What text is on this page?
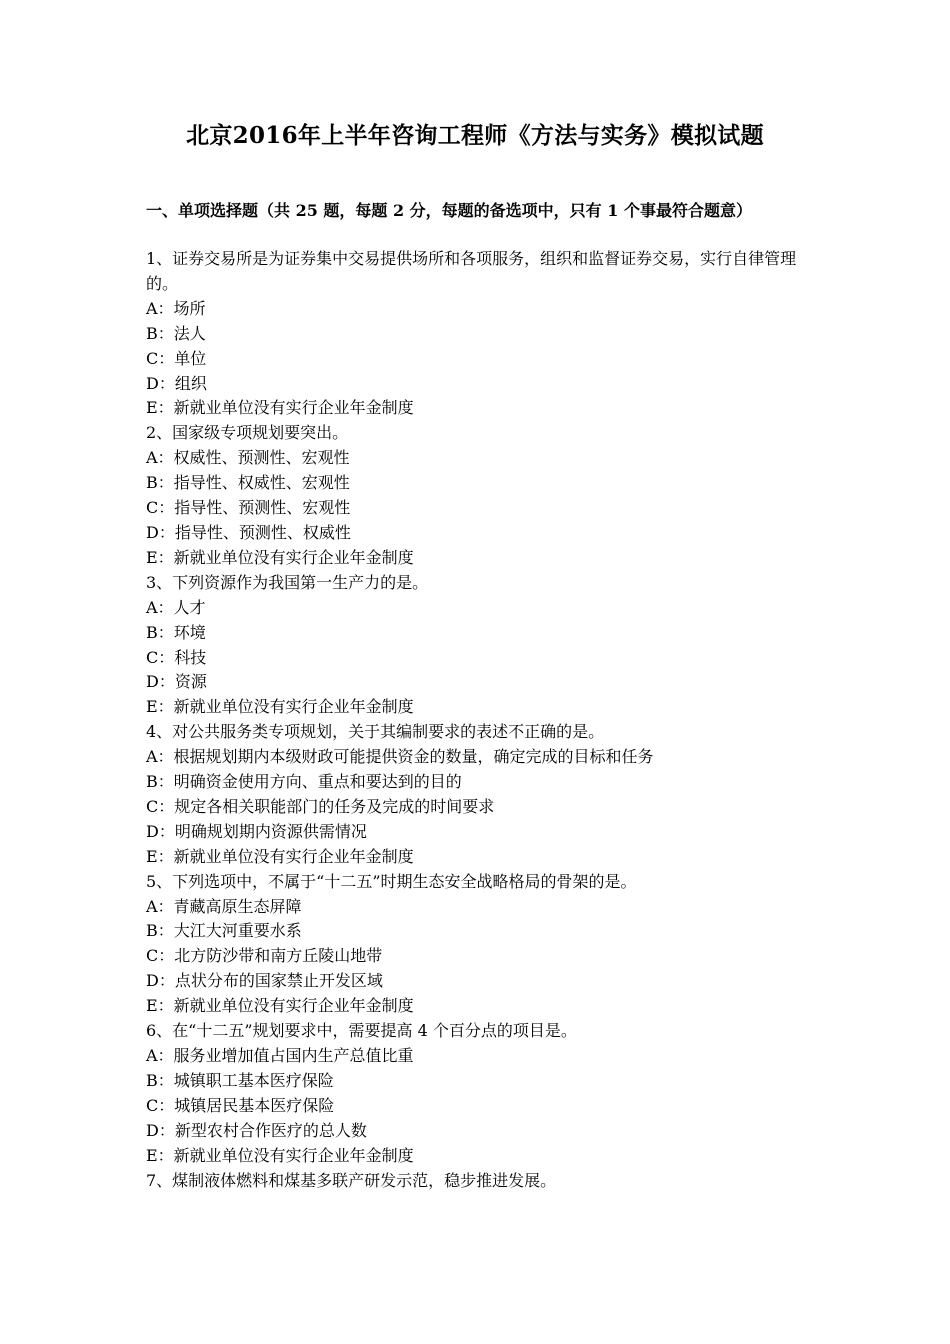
北京2016年上半年咨询工程师《方法与实务》模拟试题
一、单项选择题（共 25 题，每题 2 分，每题的备选项中，只有 1 个事最符合题意）

1、证券交易所是为证券集中交易提供场所和各项服务，组织和监督证券交易，实行自律管理的。

A：场所

B：法人

C：单位

D：组织

E：新就业单位没有实行企业年金制度

2、国家级专项规划要突出。

A：权威性、预测性、宏观性

B：指导性、权威性、宏观性

C：指导性、预测性、宏观性

D：指导性、预测性、权威性

E：新就业单位没有实行企业年金制度

3、下列资源作为我国第一生产力的是。

A：人才

B：环境

C：科技

D：资源

E：新就业单位没有实行企业年金制度

4、对公共服务类专项规划，关于其编制要求的表述不正确的是。

A：根据规划期内本级财政可能提供资金的数量，确定完成的目标和任务

B：明确资金使用方向、重点和要达到的目的

C：规定各相关职能部门的任务及完成的时间要求

D：明确规划期内资源供需情况

E：新就业单位没有实行企业年金制度

5、下列选项中，不属于“十二五”时期生态安全战略格局的骨架的是。

A：青藏高原生态屏障

B：大江大河重要水系

C：北方防沙带和南方丘陵山地带

D：点状分布的国家禁止开发区域

E：新就业单位没有实行企业年金制度

6、在“十二五”规划要求中，需要提高 4 个百分点的项目是。

A：服务业增加值占国内生产总值比重

B：城镇职工基本医疗保险

C：城镇居民基本医疗保险

D：新型农村合作医疗的总人数

E：新就业单位没有实行企业年金制度

7、煤制液体燃料和煤基多联产研发示范，稳步推进发展。
